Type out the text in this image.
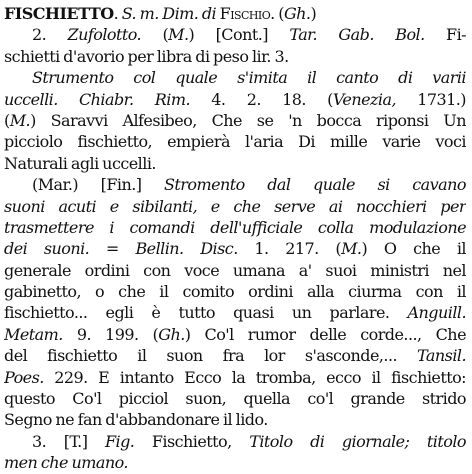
FISCHIETTO. S. m. Dim. di Fischio. (Gh.)
2. Zufolotto. (M.) [Cont.] Tar. Gab. Bol. Fi-
schietti d'avorio per libra di peso lir. 3.
Strumento col quale s'imita il canto di varii
uccelli. Chiabr. Rim. 4. 2. 18. (Venezia, 1731.)
(M.) Saravvi Alfesibeo, Che se 'n bocca riponsi Un
picciolo fischietto, empierà l'aria Di mille varie voci
Naturali agli uccelli.
(Mar.) [Fin.] Stromento dal quale si cavano
suoni acuti e sibilanti, e che serve ai nocchieri per
trasmettere i comandi dell'ufficiale colla modulazione
dei suoni. = Bellin. Disc. 1. 217. (M.) O che il
generale ordini con voce umana a' suoi ministri nel
gabinetto, o che il comito ordini alla ciurma con il
fischietto... egli è tutto quasi un parlare. Anguill.
Metam. 9. 199. (Gh.) Co'l rumor delle corde..., Che
del fischietto il suon fra lor s'asconde,... Tansil.
Poes. 229. E intanto Ecco la tromba, ecco il fischietto:
questo Co'l picciol suon, quella co'l grande strido
Segno ne fan d'abbandonare il lido.
3. [T.] Fig. Fischietto, Titolo di giornale; titolo
men che umano.
